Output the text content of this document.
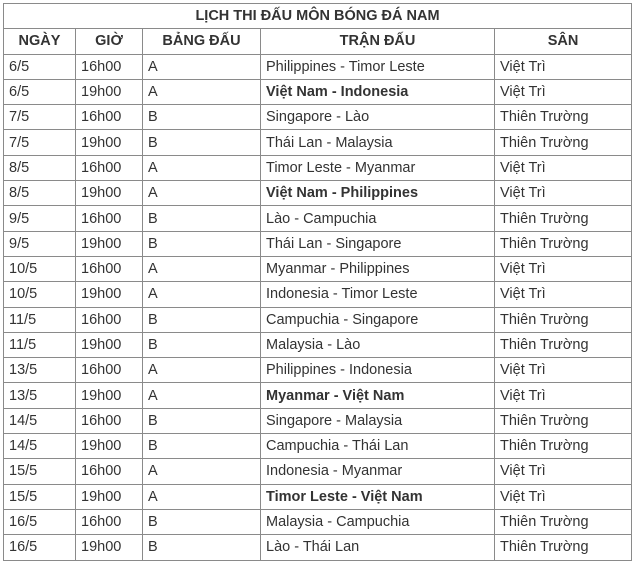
LỊCH THI ĐẤU MÔN BÓNG ĐÁ NAM				
NGÀY	GIỜ	BẢNG ĐẤU	TRẬN ĐẤU	SÂN
6/5	16h00	A	Philippines - Timor Leste	Việt Trì
6/5	19h00	A	Việt Nam - Indonesia	Việt Trì
7/5	16h00	B	Singapore - Lào	Thiên Trường
7/5	19h00	B	Thái Lan - Malaysia	Thiên Trường
8/5	16h00	A	Timor Leste - Myanmar	Việt Trì
8/5	19h00	A	Việt Nam - Philippines	Việt Trì
9/5	16h00	B	Lào - Campuchia	Thiên Trường
9/5	19h00	B	Thái Lan - Singapore	Thiên Trường
10/5	16h00	A	Myanmar - Philippines	Việt Trì
10/5	19h00	A	Indonesia - Timor Leste	Việt Trì
11/5	16h00	B	Campuchia - Singapore	Thiên Trường
11/5	19h00	B	Malaysia - Lào	Thiên Trường
13/5	16h00	A	Philippines - Indonesia	Việt Trì
13/5	19h00	A	Myanmar - Việt Nam	Việt Trì
14/5	16h00	B	Singapore - Malaysia	Thiên Trường
14/5	19h00	B	Campuchia - Thái Lan	Thiên Trường
15/5	16h00	A	Indonesia - Myanmar	Việt Trì
15/5	19h00	A	Timor Leste - Việt Nam	Việt Trì
16/5	16h00	B	Malaysia - Campuchia	Thiên Trường
16/5	19h00	B	Lào - Thái Lan	Thiên Trường
